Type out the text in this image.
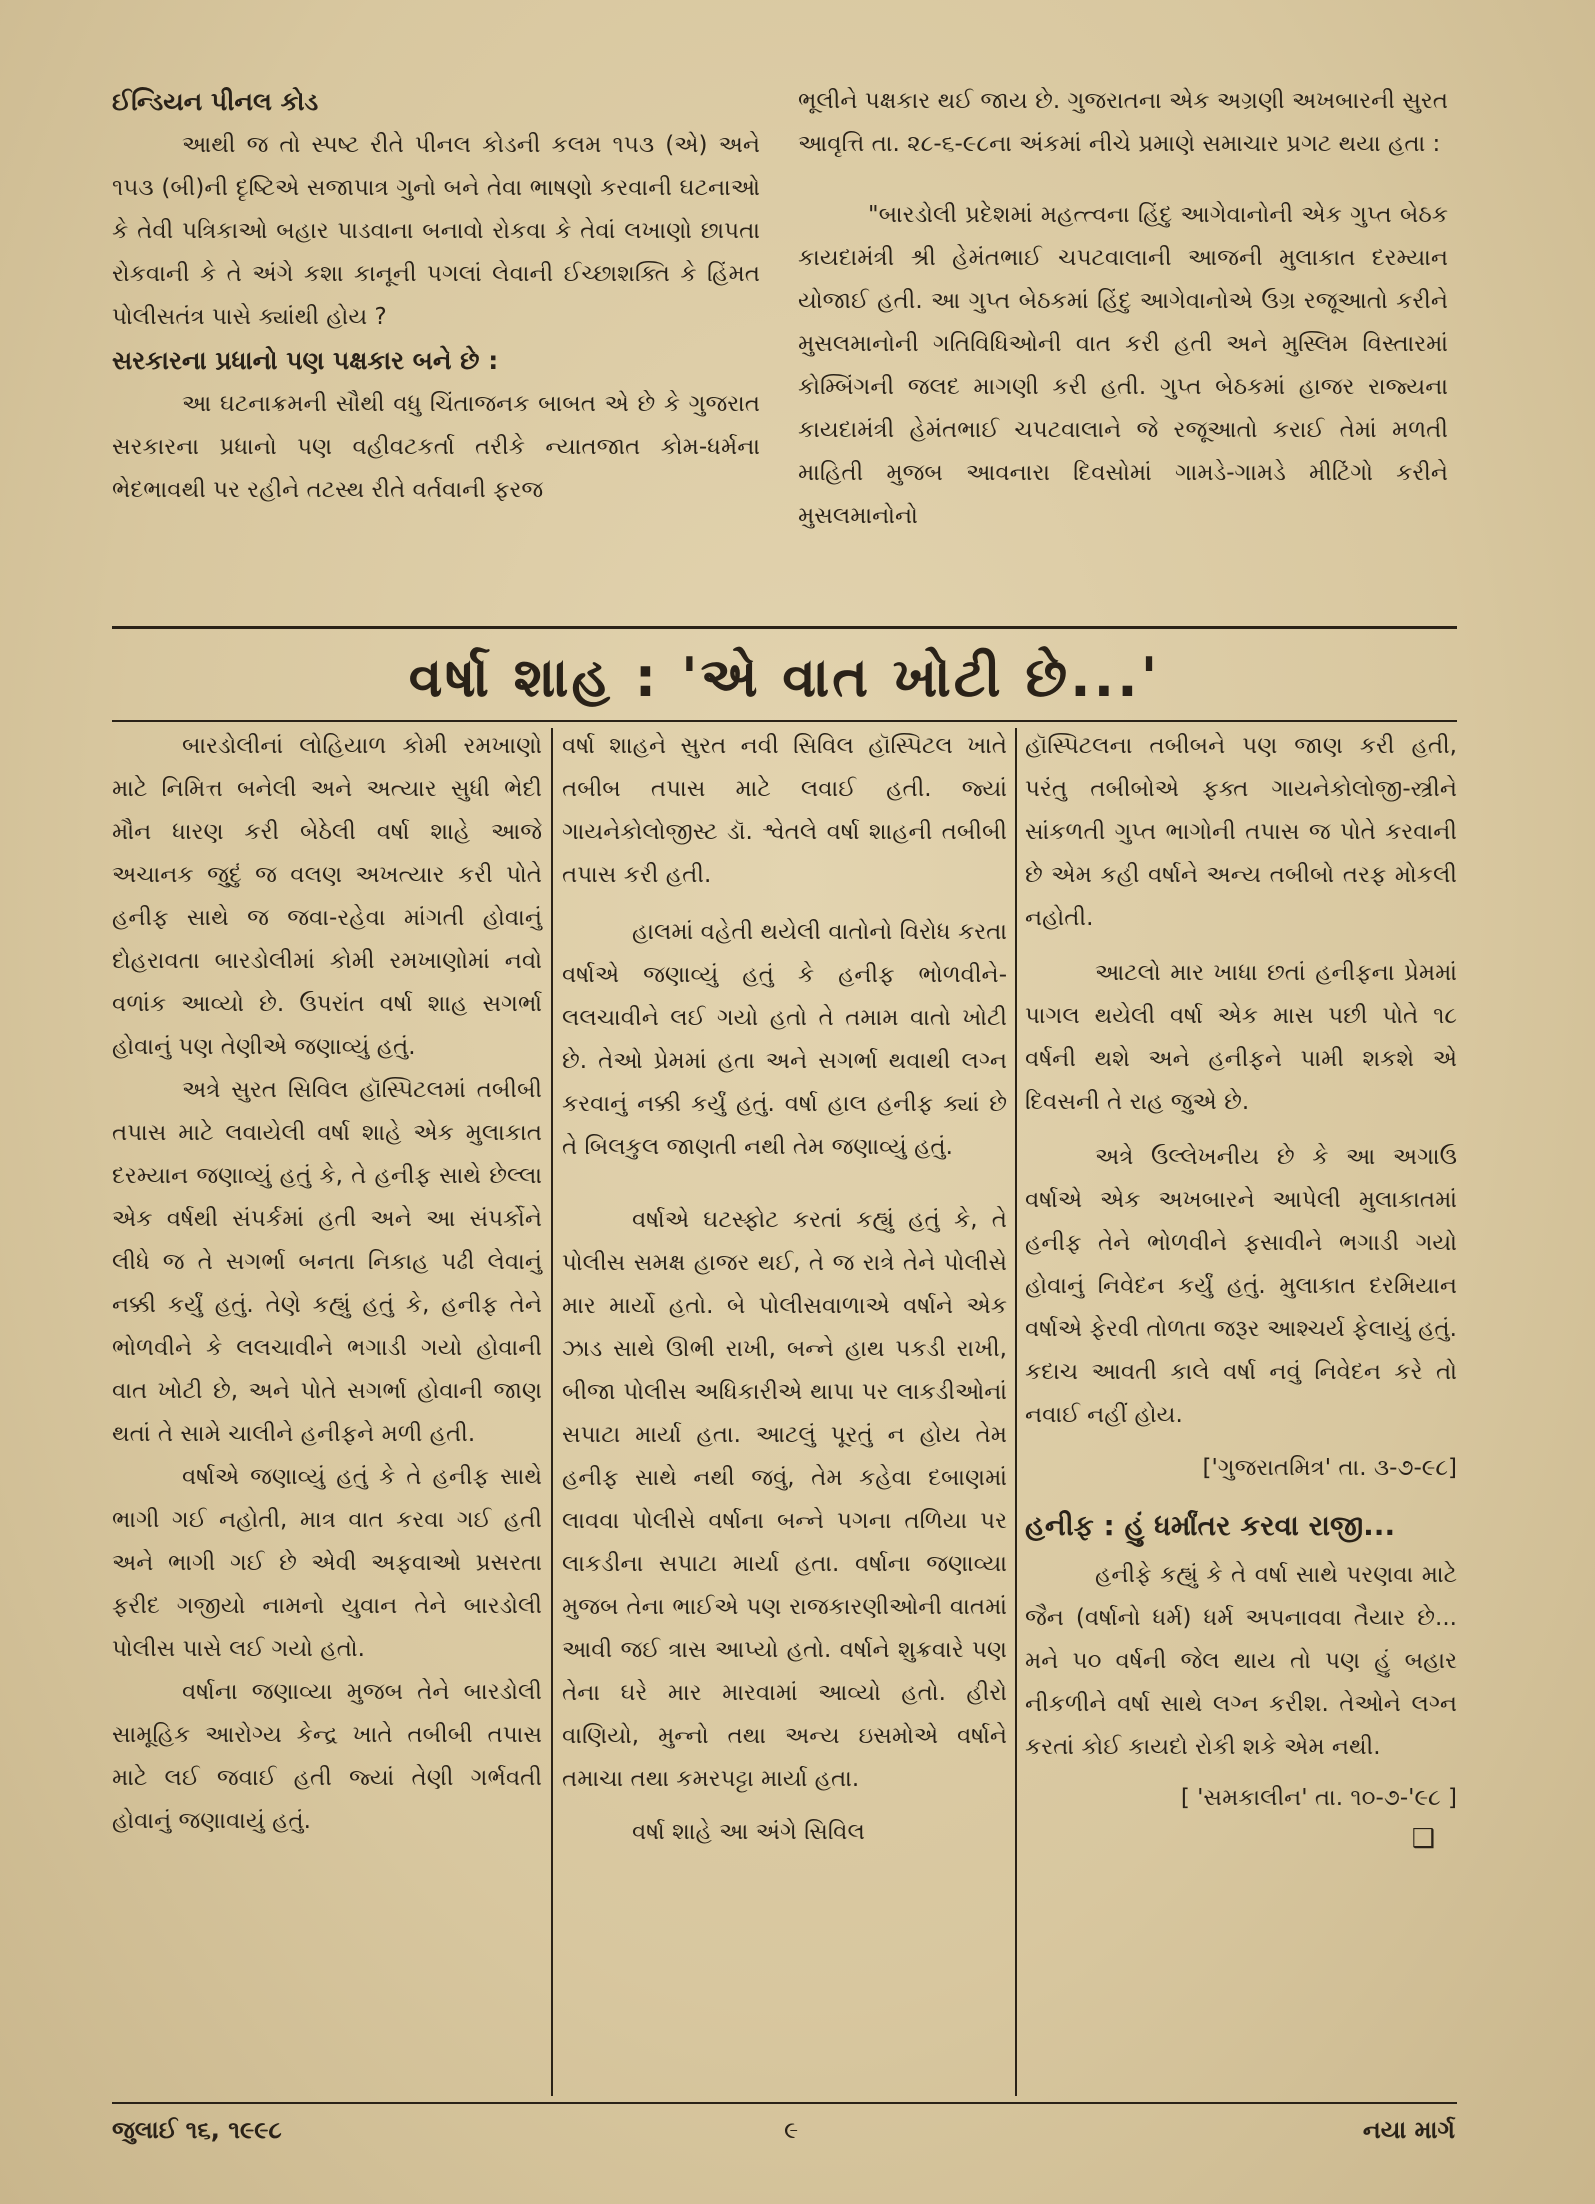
ઈન્ડિયન પીનલ કોડ

આથી જ તો સ્પષ્ટ રીતે પીનલ કોડની કલમ ૧૫૩ (એ) અને ૧૫૩ (બી)ની દૃષ્ટિએ સજાપાત્ર ગુનો બને તેવા ભાષણો કરવાની ઘટનાઓ કે તેવી પત્રિકાઓ બહાર પાડવાના બનાવો રોકવા કે તેવાં લખાણો છાપતા રોકવાની કે તે અંગે કશા કાનૂની પગલાં લેવાની ઈચ્છાશક્તિ કે હિંમત પોલીસતંત્ર પાસે ક્યાંથી હોય ?

સરકારના પ્રધાનો પણ પક્ષકાર બને છે :

આ ઘટનાક્રમની સૌથી વધુ ચિંતાજનક બાબત એ છે કે ગુજરાત સરકારના પ્રધાનો પણ વહીવટકર્તા તરીકે ન્યાતજાત કોમ-ધર્મના ભેદભાવથી પર રહીને તટસ્થ રીતે વર્તવાની ફરજ

ભૂલીને પક્ષકાર થઈ જાય છે. ગુજરાતના એક અગ્રણી અખબારની સુરત આવૃત્તિ તા. ૨૮-૬-૯૮ના અંકમાં નીચે પ્રમાણે સમાચાર પ્રગટ થયા હતા :

"બારડોલી પ્રદેશમાં મહત્ત્વના હિંદુ આગેવાનોની એક ગુપ્ત બેઠક કાયદામંત્રી શ્રી હેમંતભાઈ ચપટવાલાની આજની મુલાકાત દરમ્યાન યોજાઈ હતી. આ ગુપ્ત બેઠકમાં હિંદુ આગેવાનોએ ઉગ્ર રજૂઆતો કરીને મુસલમાનોની ગતિવિધિઓની વાત કરી હતી અને મુસ્લિમ વિસ્તારમાં કોમ્બિંગની જલદ માગણી કરી હતી. ગુપ્ત બેઠકમાં હાજર રાજ્યના કાયદામંત્રી હેમંતભાઈ ચપટવાલાને જે રજૂઆતો કરાઈ તેમાં મળતી માહિતી મુજબ આવનારા દિવસોમાં ગામડે-ગામડે મીટિંગો કરીને મુસલમાનોનો

વર્ષા શાહ : 'એ વાત ખોટી છે...'

બારડોલીનાં લોહિયાળ કોમી રમખાણો માટે નિમિત્ત બનેલી અને અત્યાર સુધી ભેદી મૌન ધારણ કરી બેઠેલી વર્ષા શાહે આજે અચાનક જુદું જ વલણ અખત્યાર કરી પોતે હનીફ સાથે જ જવા-રહેવા માંગતી હોવાનું દોહરાવતા બારડોલીમાં કોમી રમખાણોમાં નવો વળાંક આવ્યો છે. ઉપરાંત વર્ષા શાહ સગર્ભા હોવાનું પણ તેણીએ જણાવ્યું હતું.

અત્રે સુરત સિવિલ હૉસ્પિટલમાં તબીબી તપાસ માટે લવાયેલી વર્ષા શાહે એક મુલાકાત દરમ્યાન જણાવ્યું હતું કે, તે હનીફ સાથે છેલ્લા એક વર્ષથી સંપર્કમાં હતી અને આ સંપર્કોને લીધે જ તે સગર્ભા બનતા નિકાહ પઢી લેવાનું નક્કી કર્યું હતું. તેણે કહ્યું હતું કે, હનીફ તેને ભોળવીને કે લલચાવીને ભગાડી ગયો હોવાની વાત ખોટી છે, અને પોતે સગર્ભા હોવાની જાણ થતાં તે સામે ચાલીને હનીફને મળી હતી.

વર્ષાએ જણાવ્યું હતું કે તે હનીફ સાથે ભાગી ગઈ નહોતી, માત્ર વાત કરવા ગઈ હતી અને ભાગી ગઈ છે એવી અફવાઓ પ્રસરતા ફરીદ ગજીયો નામનો યુવાન તેને બારડોલી પોલીસ પાસે લઈ ગયો હતો.

વર્ષાના જણાવ્યા મુજબ તેને બારડોલી સામૂહિક આરોગ્ય કેન્દ્ર ખાતે તબીબી તપાસ માટે લઈ જવાઈ હતી જ્યાં તેણી ગર્ભવતી હોવાનું જણાવાયું હતું.

વર્ષા શાહને સુરત નવી સિવિલ હૉસ્પિટલ ખાતે તબીબ તપાસ માટે લવાઈ હતી. જ્યાં ગાયનેકોલોજીસ્ટ ડૉ. શ્વેતલે વર્ષા શાહની તબીબી તપાસ કરી હતી.

હાલમાં વહેતી થયેલી વાતોનો વિરોધ કરતા વર્ષાએ જણાવ્યું હતું કે હનીફ ભોળવીને-લલચાવીને લઈ ગયો હતો તે તમામ વાતો ખોટી છે. તેઓ પ્રેમમાં હતા અને સગર્ભા થવાથી લગ્ન કરવાનું નક્કી કર્યું હતું. વર્ષા હાલ હનીફ ક્યાં છે તે બિલકુલ જાણતી નથી તેમ જણાવ્યું હતું.

વર્ષાએ ઘટસ્ફોટ કરતાં કહ્યું હતું કે, તે પોલીસ સમક્ષ હાજર થઈ, તે જ રાત્રે તેને પોલીસે માર માર્યો હતો. બે પોલીસવાળાએ વર્ષાને એક ઝાડ સાથે ઊભી રાખી, બન્ને હાથ પકડી રાખી, બીજા પોલીસ અધિકારીએ થાપા પર લાકડીઓનાં સપાટા માર્યા હતા. આટલું પૂરતું ન હોય તેમ હનીફ સાથે નથી જવું, તેમ કહેવા દબાણમાં લાવવા પોલીસે વર્ષાના બન્ને પગના તળિયા પર લાકડીના સપાટા માર્યા હતા. વર્ષાના જણાવ્યા મુજબ તેના ભાઈએ પણ રાજકારણીઓની વાતમાં આવી જઈ ત્રાસ આપ્યો હતો. વર્ષાને શુક્રવારે પણ તેના ઘરે માર મારવામાં આવ્યો હતો. હીરો વાણિયો, મુન્નો તથા અન્ય ઇસમોએ વર્ષાને તમાચા તથા કમરપટ્ટા માર્યા હતા.

વર્ષા શાહે આ અંગે સિવિલ

હૉસ્પિટલના તબીબને પણ જાણ કરી હતી, પરંતુ તબીબોએ ફક્ત ગાયનેકોલોજી-સ્ત્રીને સાંકળતી ગુપ્ત ભાગોની તપાસ જ પોતે કરવાની છે એમ કહી વર્ષાને અન્ય તબીબો તરફ મોકલી નહોતી.

આટલો માર ખાધા છતાં હનીફના પ્રેમમાં પાગલ થયેલી વર્ષા એક માસ પછી પોતે ૧૮ વર્ષની થશે અને હનીફને પામી શકશે એ દિવસની તે રાહ જુએ છે.

અત્રે ઉલ્લેખનીય છે કે આ અગાઉ વર્ષાએ એક અખબારને આપેલી મુલાકાતમાં હનીફ તેને ભોળવીને ફસાવીને ભગાડી ગયો હોવાનું નિવેદન કર્યું હતું. મુલાકાત દરમિયાન વર્ષાએ ફેરવી તોળતા જરૂર આશ્ચર્ય ફેલાયું હતું. કદાચ આવતી કાલે વર્ષા નવું નિવેદન કરે તો નવાઈ નહીં હોય.

['ગુજરાતમિત્ર' તા. ૩-૭-૯૮]

હનીફ : હું ધર્માંતર કરવા રાજી...

હનીફે કહ્યું કે તે વર્ષા સાથે પરણવા માટે જૈન (વર્ષાનો ધર્મ) ધર્મ અપનાવવા તૈયાર છે... મને ૫૦ વર્ષની જેલ થાય તો પણ હું બહાર નીકળીને વર્ષા સાથે લગ્ન કરીશ. તેઓને લગ્ન કરતાં કોઈ કાયદો રોકી શકે એમ નથી.

[ 'સમકાલીન' તા. ૧૦-૭-'૯૮ ]

❑

જુલાઈ ૧૬, ૧૯૯૮	૯	નયા માર્ગ
